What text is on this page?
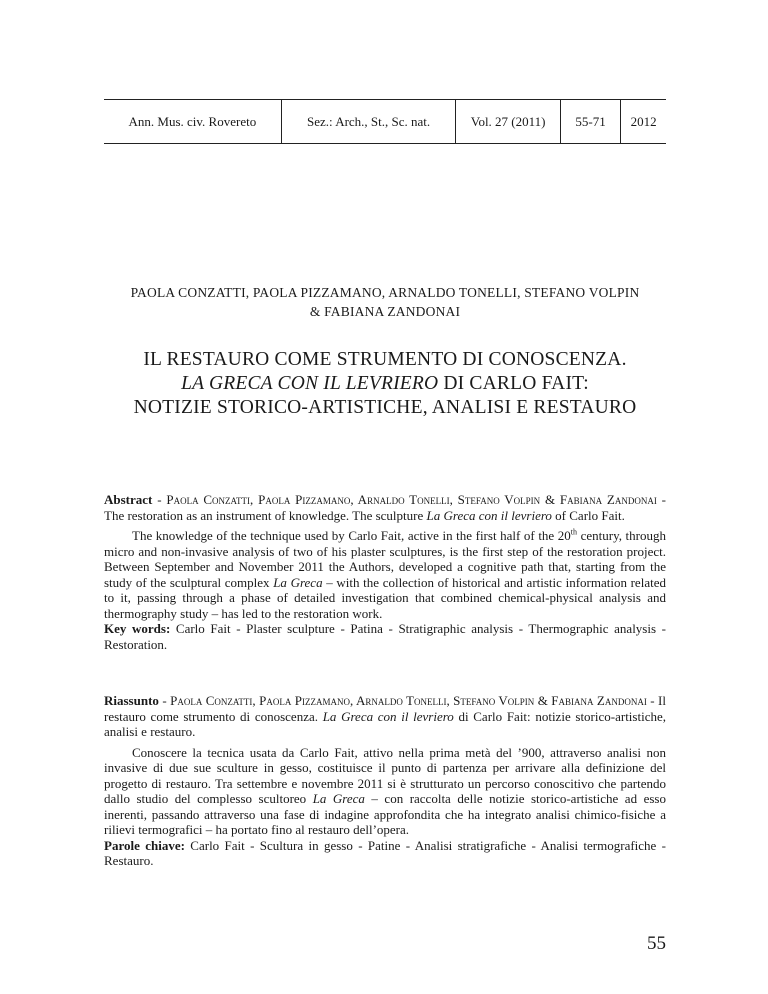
Ann. Mus. civ. Rovereto	Sez.: Arch., St., Sc. nat.	Vol. 27 (2011)	55-71	2012
PAOLA CONZATTI, PAOLA PIZZAMANO, ARNALDO TONELLI, STEFANO VOLPIN
& FABIANA ZANDONAI
IL RESTAURO COME STRUMENTO DI CONOSCENZA.
LA GRECA CON IL LEVRIERO DI CARLO FAIT:
NOTIZIE STORICO-ARTISTICHE, ANALISI E RESTAURO

Abstract - Paola Conzatti, Paola Pizzamano, Arnaldo Tonelli, Stefano Volpin & Fabiana Zandonai - The restoration as an instrument of knowledge. The sculpture La Greca con il levriero of Carlo Fait.

The knowledge of the technique used by Carlo Fait, active in the first half of the 20th century, through micro and non-invasive analysis of two of his plaster sculptures, is the first step of the restoration project. Between September and November 2011 the Authors, developed a cognitive path that, starting from the study of the sculptural complex La Greca – with the collection of historical and artistic information related to it, passing through a phase of detailed investigation that combined chemical-physical analysis and thermography study – has led to the restoration work.

Key words: Carlo Fait - Plaster sculpture - Patina - Stratigraphic analysis - Thermographic analysis - Restoration.

Riassunto - Paola Conzatti, Paola Pizzamano, Arnaldo Tonelli, Stefano Volpin & Fabiana Zandonai - Il restauro come strumento di conoscenza. La Greca con il levriero di Carlo Fait: notizie storico-artistiche, analisi e restauro.

Conoscere la tecnica usata da Carlo Fait, attivo nella prima metà del ’900, attraverso analisi non invasive di due sue sculture in gesso, costituisce il punto di partenza per arrivare alla definizione del progetto di restauro. Tra settembre e novembre 2011 si è strutturato un percorso conoscitivo che partendo dallo studio del complesso scultoreo La Greca – con raccolta delle notizie storico-artistiche ad esso inerenti, passando attraverso una fase di indagine approfondita che ha integrato analisi chimico-fisiche a rilievi termografici – ha portato fino al restauro dell’opera.

Parole chiave: Carlo Fait - Scultura in gesso - Patine - Analisi stratigrafiche - Analisi termografiche - Restauro.

55
